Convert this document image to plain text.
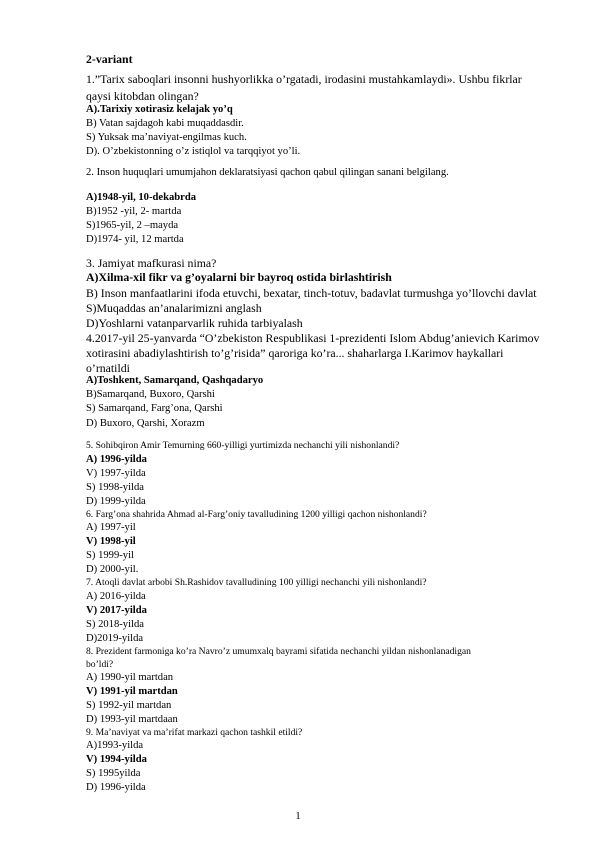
1
2-variant
1.”Tarix saboqlari insonni hushyorlikka o’rgatadi, irodasini mustahkamlaydi». Ushbu fikrlar
qaysi kitobdan olingan?
A).Tarixiy xotirasiz kelajak yo’q
B) Vatan sajdagoh kabi muqaddasdir.
S) Yuksak ma’naviyat-engilmas kuch.
D). O’zbekistonning o’z istiqlol va tarqqiyot yo’li.
2. Inson huquqlari umumjahon deklaratsiyasi qachon qabul qilingan sanani belgilang.
A)1948-yil, 10-dekabrda
B)1952 -yil, 2- martda
S)1965-yil, 2 –mayda
D)1974- yil, 12 martda
3. Jamiyat mafkurasi nima?
A)Xilma-xil fikr va g’oyalarni bir bayroq ostida birlashtirish
B) Inson manfaatlarini ifoda etuvchi, bexatar, tinch-totuv, badavlat turmushga yo’llovchi davlat
S)Muqaddas an’analarimizni anglash
D)Yoshlarni vatanparvarlik ruhida tarbiyalash
4.2017-yil 25-yanvarda “O’zbekiston Respublikasi 1-prezidenti Islom Abdug’anievich Karimov
xotirasini abadiylashtirish to’g’risida” qaroriga ko’ra... shaharlarga I.Karimov haykallari
o’rnatildi
A)Toshkent, Samarqand, Qashqadaryo
B)Samarqand, Buxoro, Qarshi
S) Samarqand, Farg’ona, Qarshi
D) Buxoro, Qarshi, Xorazm
5. Sohibqiron Amir Temurning 660-yilligi yurtimizda nechanchi yili nishonlandi?
A) 1996-yilda
V) 1997-yilda
S) 1998-yilda
D) 1999-yilda
6. Farg’ona shahrida Ahmad al-Farg’oniy tavalludining 1200 yilligi qachon nishonlandi?
A) 1997-yil
V) 1998-yil
S) 1999-yil
D) 2000-yil.
7. Atoqli davlat arbobi Sh.Rashidov tavalludining 100 yilligi nechanchi yili nishonlandi?
A) 2016-yilda
V) 2017-yilda
S) 2018-yilda
D)2019-yilda
8. Prezident farmoniga ko’ra Navro’z umumxalq bayrami sifatida nechanchi yildan nishonlanadigan
bo’ldi?
A) 1990-yil martdan
V) 1991-yil martdan
S) 1992-yil martdan
D) 1993-yil martdaan
9. Ma’naviyat va ma’rifat markazi qachon tashkil etildi?
A)1993-yilda
V) 1994-yilda
S) 1995yilda
D) 1996-yilda
